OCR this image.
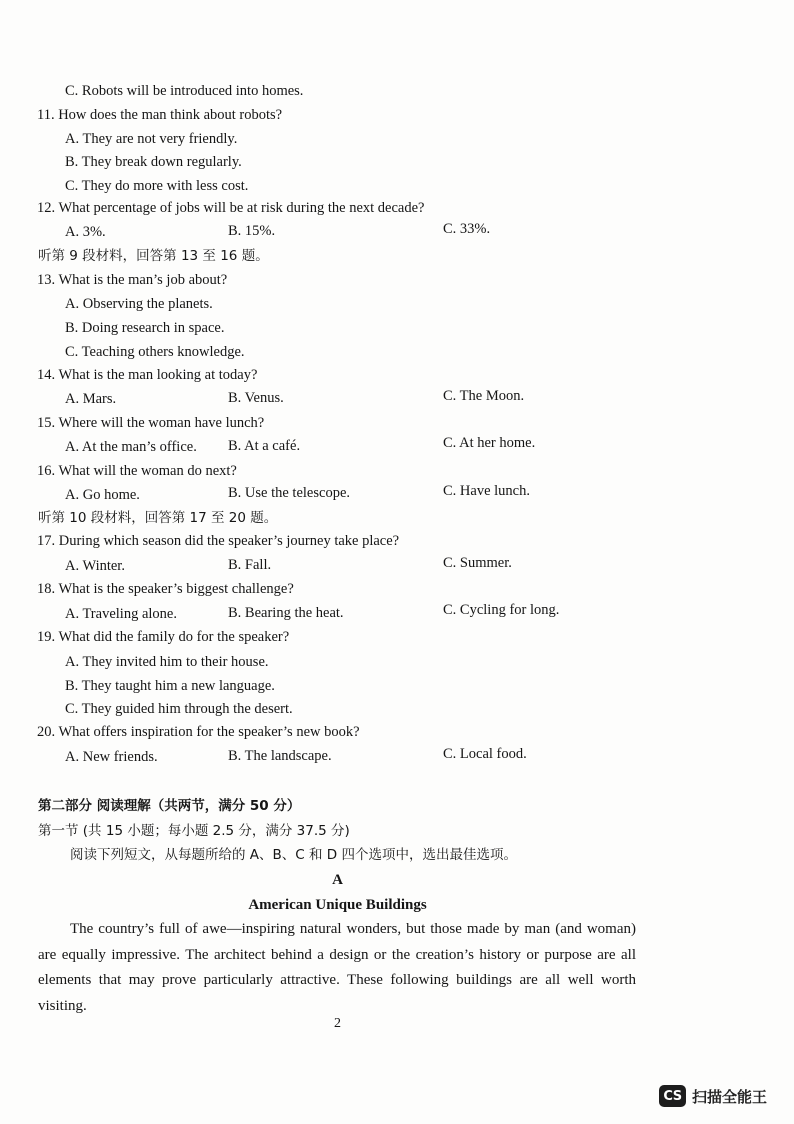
C. Robots will be introduced into homes.
11. How does the man think about robots?
A. They are not very friendly.
B. They break down regularly.
C. They do more with less cost.
12. What percentage of jobs will be at risk during the next decade?
A. 3%.	B. 15%.	C. 33%.
听第 9 段材料，回答第 13 至 16 题。
13. What is the man’s job about?
A. Observing the planets.
B. Doing research in space.
C. Teaching others knowledge.
14. What is the man looking at today?
A. Mars.	B. Venus.	C. The Moon.
15. Where will the woman have lunch?
A. At the man’s office. B. At a café.	C. At her home.
16. What will the woman do next?
A. Go home.	B. Use the telescope.	C. Have lunch.
听第 10 段材料，回答第 17 至 20 题。
17. During which season did the speaker’s journey take place?
A. Winter.	B. Fall.	C. Summer.
18. What is the speaker’s biggest challenge?
A. Traveling alone.	B. Bearing the heat.	C. Cycling for long.
19. What did the family do for the speaker?
A. They invited him to their house.
B. They taught him a new language.
C. They guided him through the desert.
20. What offers inspiration for the speaker’s new book?
A. New friends.	B. The landscape.	C. Local food.
第二部分 阅读理解（共两节，满分 50 分）
第一节 (共 15 小题；每小题 2.5 分，满分 37.5 分)
阅读下列短文，从每题所给的 A、B、C 和 D 四个选项中，选出最佳选项。
A
American Unique Buildings
The country’s full of awe—inspiring natural wonders, but those made by man (and woman) are equally impressive. The architect behind a design or the creation’s history or purpose are all elements that may prove particularly attractive. These following buildings are all well worth visiting.
2
CS 扫描全能王
